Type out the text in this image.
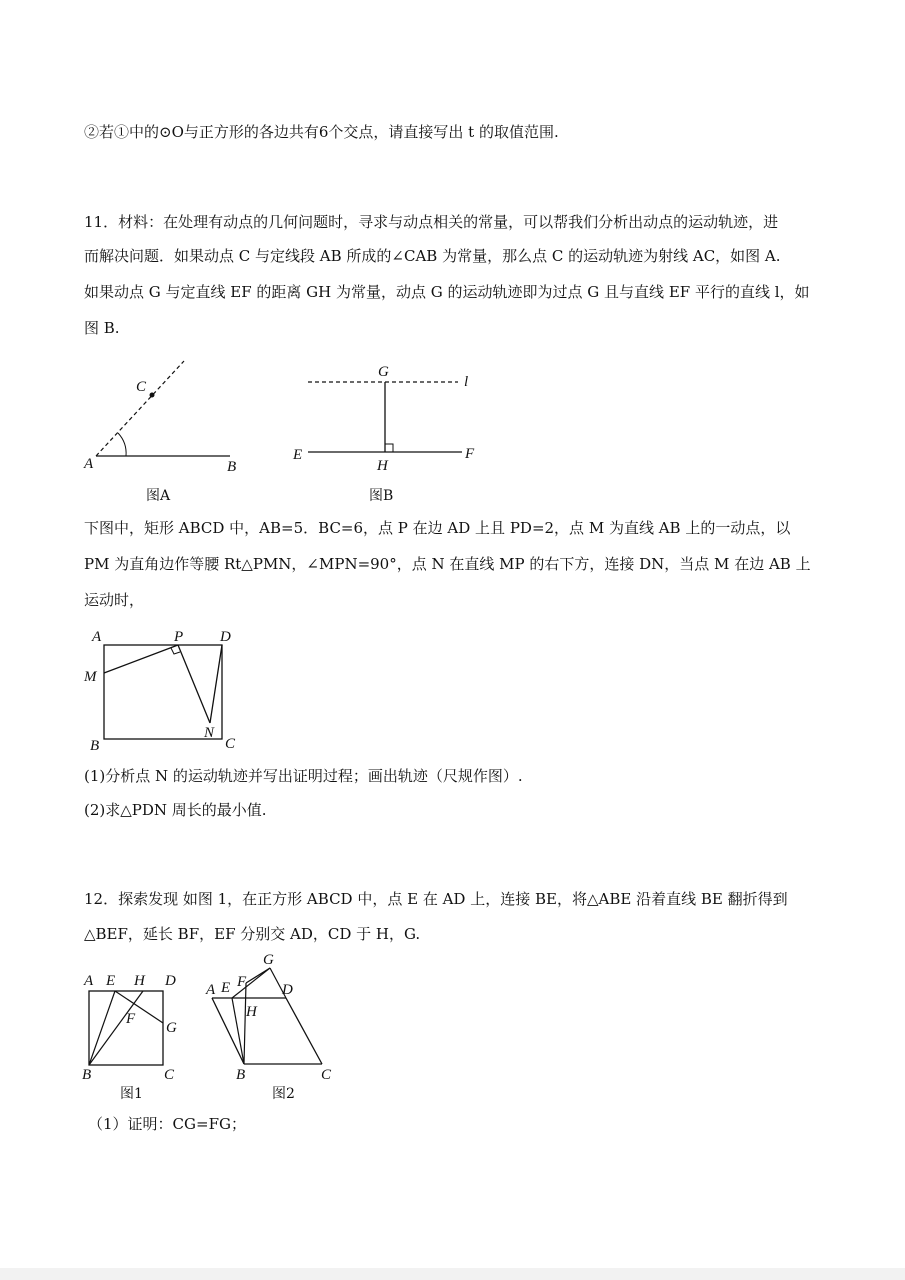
②若①中的⊙O与正方形的各边共有6个交点，请直接写出 t 的取值范围.
11．材料：在处理有动点的几何问题时，寻求与动点相关的常量，可以帮我们分析出动点的运动轨迹，进
而解决问题．如果动点 C 与定线段 AB 所成的∠CAB 为常量，那么点 C 的运动轨迹为射线 AC，如图 A.
如果动点 G 与定直线 EF 的距离 GH 为常量，动点 G 的运动轨迹即为过点 G 且与直线 EF 平行的直线 l，如
图 B.
A	B
C
图A
G
l
E	F
H
图B
下图中，矩形 ABCD 中，AB=5．BC=6，点 P 在边 AD 上且 PD=2，点 M 为直线 AB 上的一动点，以
PM 为直角边作等腰 Rt△PMN，∠MPN=90°，点 N 在直线 MP 的右下方，连接 DN，当点 M 在边 AB 上
运动时，
A	P D
M
N
B	C
(1)分析点 N 的运动轨迹并写出证明过程；画出轨迹（尺规作图）.
(2)求△PDN 周长的最小值.
12．探索发现 如图 1，在正方形 ABCD 中，点 E 在 AD 上，连接 BE，将△ABE 沿着直线 BE 翻折得到
△BEF，延长 BF，EF 分别交 AD，CD 于 H，G.
A E H D
F
G
B	C
图1
G
A E F D
H
B	C
图2
（1）证明：CG=FG；
